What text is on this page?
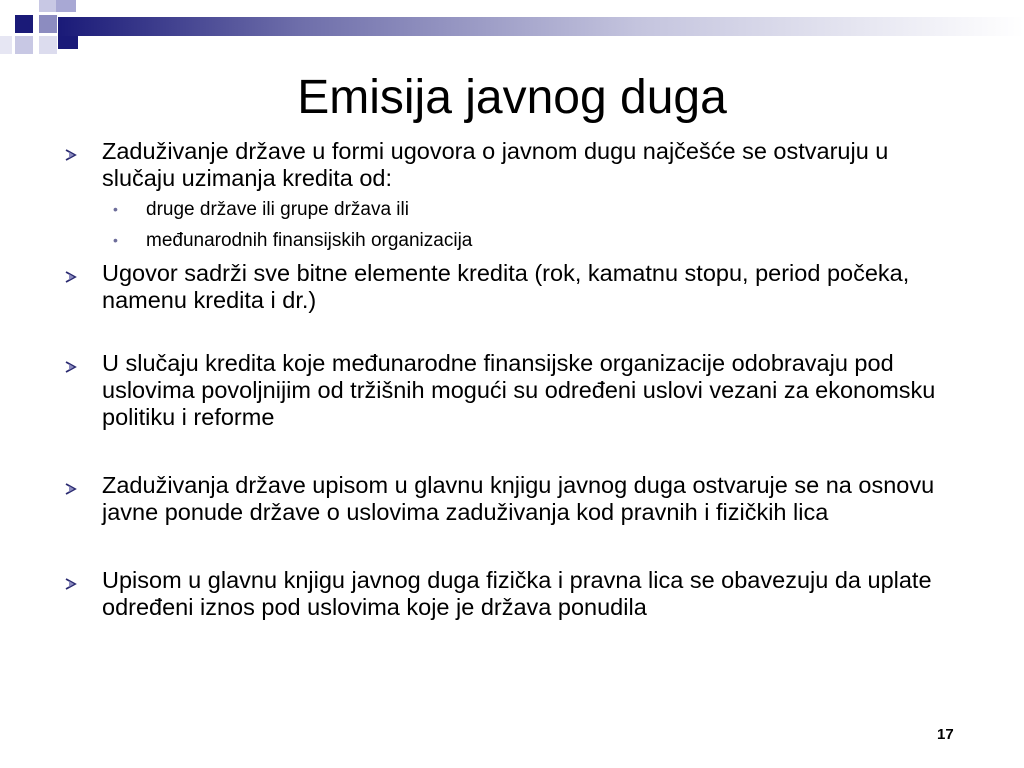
Emisija javnog duga
Zaduživanje države u formi ugovora o javnom dugu najčešće se ostvaruju u slučaju uzimanja kredita od:
• druge države ili grupe država ili
• međunarodnih finansijskih organizacija
Ugovor sadrži sve bitne elemente kredita (rok, kamatnu stopu, period počeka, namenu kredita i dr.)
U slučaju kredita koje međunarodne finansijske organizacije odobravaju pod uslovima povoljnijim od tržišnih mogući su određeni uslovi vezani za ekonomsku politiku i reforme
Zaduživanja države upisom u glavnu knjigu javnog duga ostvaruje se na osnovu javne ponude države o uslovima zaduživanja kod pravnih i fizičkih lica
Upisom u glavnu knjigu javnog duga fizička i pravna lica se obavezuju da uplate određeni iznos pod uslovima koje je država ponudila
17
